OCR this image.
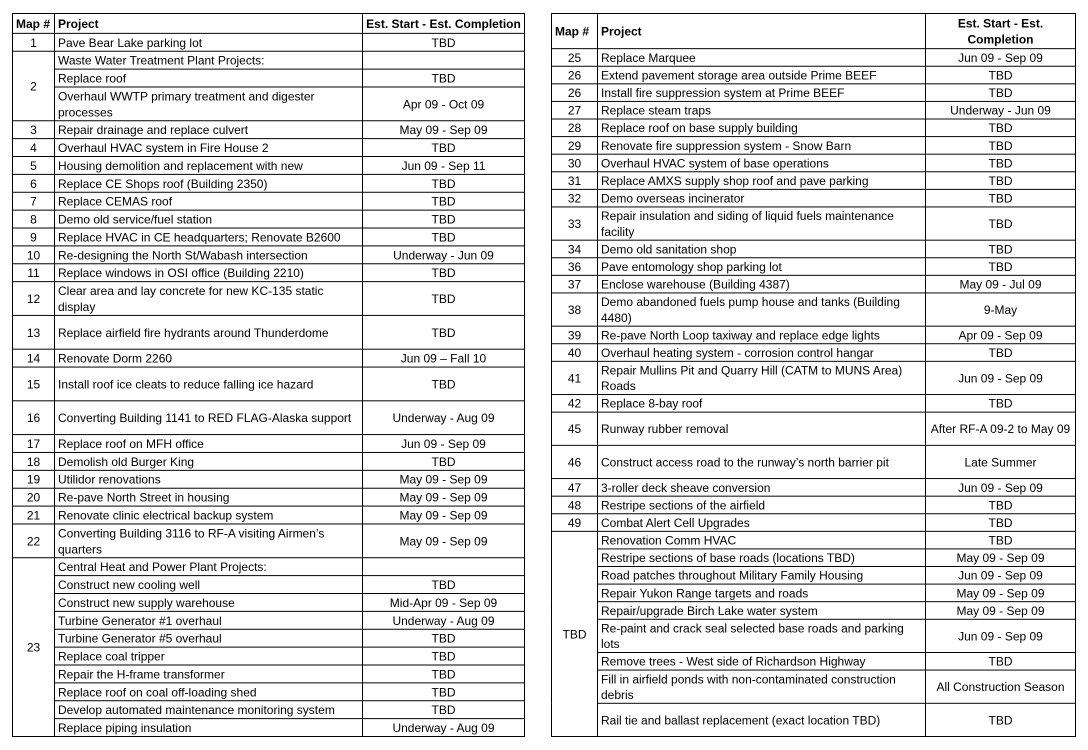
Map #	Project	Est. Start - Est. Completion
1	Pave Bear Lake parking lot	TBD
2	Waste Water Treatment Plant Projects:	
	Replace roof	TBD
	Overhaul WWTP primary treatment and digester processes	Apr 09 - Oct 09
3	Repair drainage and replace culvert	May 09 - Sep 09
4	Overhaul HVAC system in Fire House 2	TBD
5	Housing demolition and replacement with new	Jun 09 - Sep 11
6	Replace CE Shops roof (Building 2350)	TBD
7	Replace CEMAS roof	TBD
8	Demo old service/fuel station	TBD
9	Replace HVAC in CE headquarters; Renovate B2600	TBD
10	Re-designing the North St/Wabash intersection	Underway - Jun 09
11	Replace windows in OSI office (Building 2210)	TBD
12	Clear area and lay concrete for new KC-135 static display	TBD
13	Replace airfield fire hydrants around Thunderdome	TBD
14	Renovate Dorm 2260	Jun 09 – Fall 10
15	Install roof ice cleats to reduce falling ice hazard	TBD
16	Converting Building 1141 to RED FLAG-Alaska support	Underway - Aug 09
17	Replace roof on MFH office	Jun 09 - Sep 09
18	Demolish old Burger King	TBD
19	Utilidor renovations	May 09 - Sep 09
20	Re-pave North Street in housing	May 09 - Sep 09
21	Renovate clinic electrical backup system	May 09 - Sep 09
22	Converting Building 3116 to RF-A visiting Airmen’s quarters	May 09 - Sep 09
23	Central Heat and Power Plant Projects:	
	Construct new cooling well	TBD
	Construct new supply warehouse	Mid-Apr 09 - Sep 09
	Turbine Generator #1 overhaul	Underway - Aug 09
	Turbine Generator #5 overhaul	TBD
	Replace coal tripper	TBD
	Repair the H-frame transformer	TBD
	Replace roof on coal off-loading shed	TBD
	Develop automated maintenance monitoring system	TBD
	Replace piping insulation	Underway - Aug 09
Map #	Project	Est. Start - Est. Completion
25	Replace Marquee	Jun 09 - Sep 09
26	Extend pavement storage area outside Prime BEEF	TBD
26	Install fire suppression system at Prime BEEF	TBD
27	Replace steam traps	Underway - Jun 09
28	Replace roof on base supply building	TBD
29	Renovate fire suppression system - Snow Barn	TBD
30	Overhaul HVAC system of base operations	TBD
31	Replace AMXS supply shop roof and pave parking	TBD
32	Demo overseas incinerator	TBD
33	Repair insulation and siding of liquid fuels maintenance facility	TBD
34	Demo old sanitation shop	TBD
36	Pave entomology shop parking lot	TBD
37	Enclose warehouse (Building 4387)	May 09 - Jul 09
38	Demo abandoned fuels pump house and tanks (Building 4480)	9-May
39	Re-pave North Loop taxiway and replace edge lights	Apr 09 - Sep 09
40	Overhaul heating system - corrosion control hangar	TBD
41	Repair Mullins Pit and Quarry Hill (CATM to MUNS Area) Roads	Jun 09 - Sep 09
42	Replace 8-bay roof	TBD
45	Runway rubber removal	After RF-A 09-2 to May 09
46	Construct access road to the runway’s north barrier pit	Late Summer
47	3-roller deck sheave conversion	Jun 09 - Sep 09
48	Restripe sections of the airfield	TBD
49	Combat Alert Cell Upgrades	TBD
TBD	Renovation Comm HVAC	TBD
	Restripe sections of base roads (locations TBD)	May 09 - Sep 09
	Road patches throughout Military Family Housing	Jun 09 - Sep 09
	Repair Yukon Range targets and roads	May 09 - Sep 09
	Repair/upgrade Birch Lake water system	May 09 - Sep 09
	Re-paint and crack seal selected base roads and parking lots	Jun 09 - Sep 09
	Remove trees - West side of Richardson Highway	TBD
	Fill in airfield ponds with non-contaminated construction debris	All Construction Season
	Rail tie and ballast replacement (exact location TBD)	TBD
